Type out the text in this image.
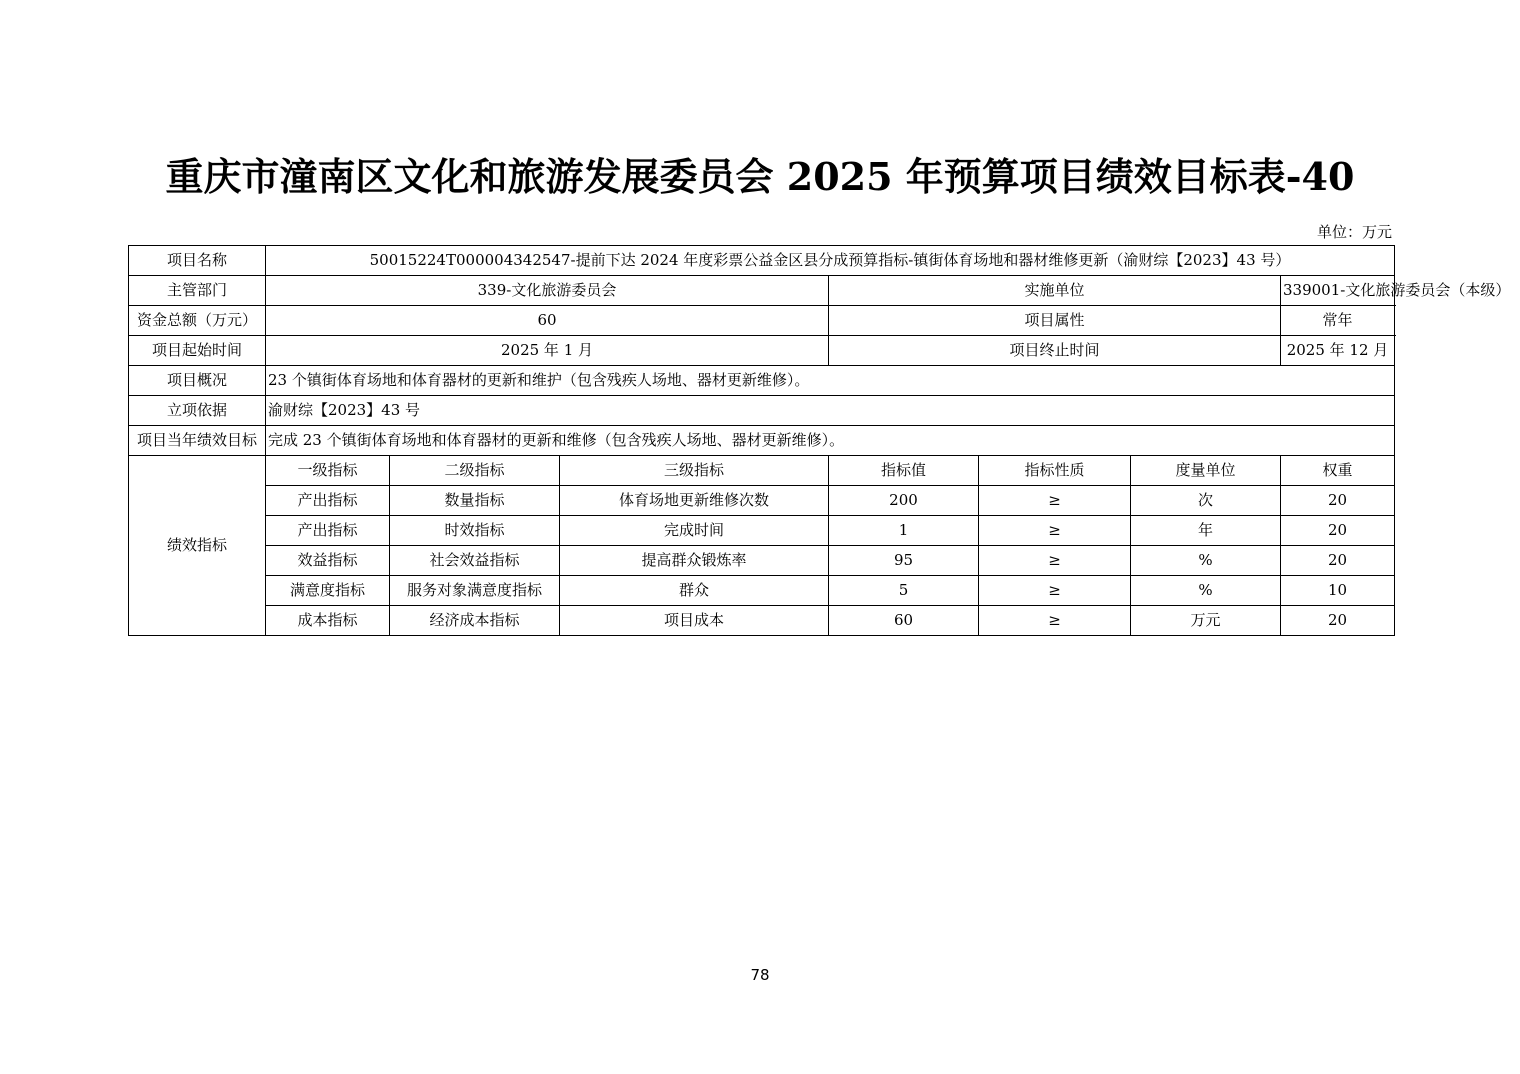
重庆市潼南区文化和旅游发展委员会 2025 年预算项目绩效目标表-40
单位：万元
项目名称	50015224T000004342547-提前下达 2024 年度彩票公益金区县分成预算指标-镇街体育场地和器材维修更新（渝财综【2023】43 号）						
主管部门	339-文化旅游委员会			实施单位			339001-文化旅游委员会（本级）
资金总额（万元）	60			项目属性			常年
项目起始时间	2025 年 1 月			项目终止时间			2025 年 12 月
项目概况	23 个镇街体育场地和体育器材的更新和维护（包含残疾人场地、器材更新维修）。						
立项依据	渝财综【2023】43 号						
项目当年绩效目标	完成 23 个镇街体育场地和体育器材的更新和维修（包含残疾人场地、器材更新维修）。						
绩效指标	一级指标	二级指标	三级指标	指标值	指标性质	度量单位	权重
	产出指标	数量指标	体育场地更新维修次数	200	≥	次	20
	产出指标	时效指标	完成时间	1	≥	年	20
	效益指标	社会效益指标	提高群众锻炼率	95	≥	%	20
	满意度指标	服务对象满意度指标	群众	5	≥	%	10
	成本指标	经济成本指标	项目成本	60	≥	万元	20
78
